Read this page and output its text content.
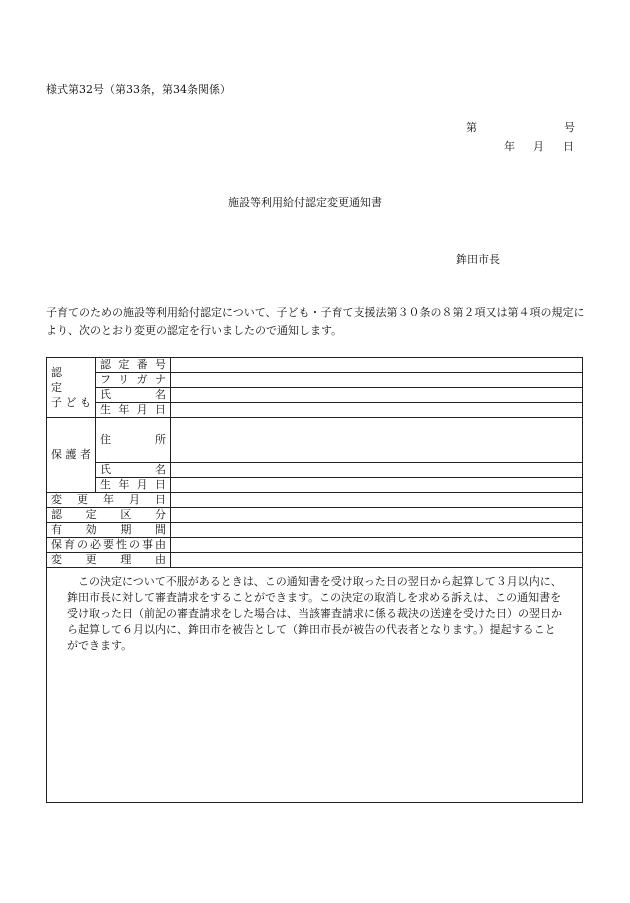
様式第32号（第33条，第34条関係）
第	号
年 月 日
施設等利用給付認定変更通知書
鉾田市長
子育てのための施設等利用給付認定について、子ども・子育て支援法第３０条の８第２項又は第４項の規定により、次のとおり変更の認定を行いましたので通知します。
認　　定
子ども	認定番号	
	フリガナ	
	氏　　　名	
	生年月日	
保護者	住　　　所	
	氏　　　名	
	生年月日	
変更年月日		
認定区分		
有効期間		
保育の必要性の事由		
変更理由		

この決定について不服があるときは、この通知書を受け取った日の翌日から起算して３月以内に、鉾田市長に対して審査請求をすることができます。この決定の取消しを求める訴えは、この通知書を受け取った日（前記の審査請求をした場合は、当該審査請求に係る裁決の送達を受けた日）の翌日から起算して６月以内に、鉾田市を被告として（鉾田市長が被告の代表者となります。）提起することができます。
